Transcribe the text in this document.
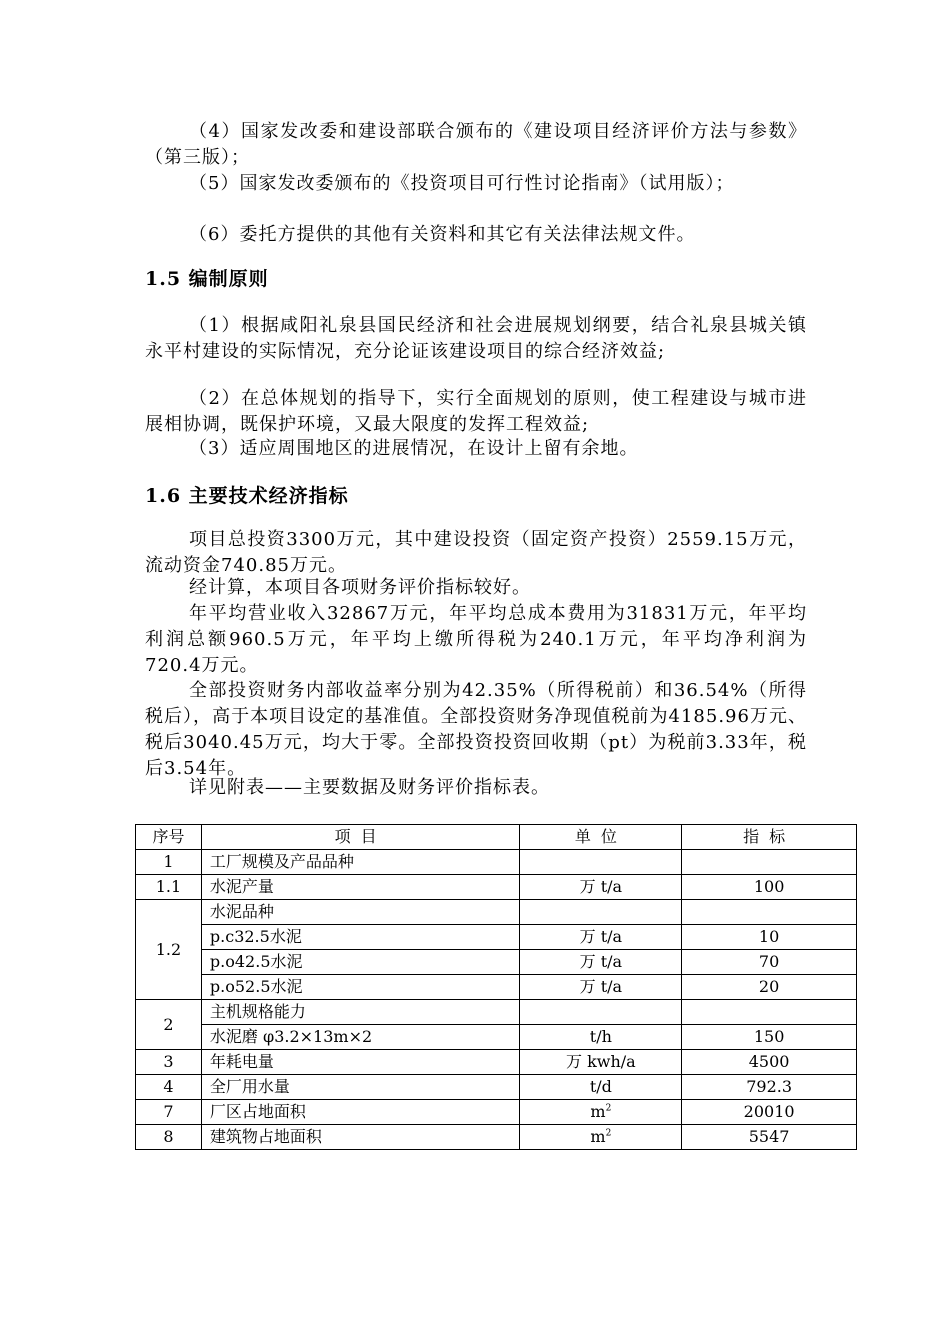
（4）国家发改委和建设部联合颁布的《建设项目经济评价方法与参数》（第三版）；

（5）国家发改委颁布的《投资项目可行性讨论指南》（试用版）；

（6）委托方提供的其他有关资料和其它有关法律法规文件。

1.5 编制原则

（1）根据咸阳礼泉县国民经济和社会进展规划纲要，结合礼泉县城关镇永平村建设的实际情况，充分论证该建设项目的综合经济效益;

（2）在总体规划的指导下，实行全面规划的原则，使工程建设与城市进展相协调，既保护环境，又最大限度的发挥工程效益;

（3）适应周围地区的进展情况，在设计上留有余地。

1.6 主要技术经济指标

项目总投资3300万元，其中建设投资（固定资产投资）2559.15万元，流动资金740.85万元。

经计算，本项目各项财务评价指标较好。

年平均营业收入32867万元，年平均总成本费用为31831万元，年平均利润总额960.5万元，年平均上缴所得税为240.1万元，年平均净利润为720.4万元。

全部投资财务内部收益率分别为42.35%（所得税前）和36.54%（所得税后），高于本项目设定的基准值。全部投资财务净现值税前为4185.96万元、税后3040.45万元，均大于零。全部投资投资回收期（pt）为税前3.33年，税后3.54年。

详见附表——主要数据及财务评价指标表。

序号	项目	单位	指标
1	工厂规模及产品品种		
1.1	水泥产量	万 t/a	100
1.2	水泥品种		
	p.c32.5水泥	万 t/a	10
	p.o42.5水泥	万 t/a	70
	p.o52.5水泥	万 t/a	20
2	主机规格能力		
	水泥磨 φ3.2×13m×2	t/h	150
3	年耗电量	万 kwh/a	4500
4	全厂用水量	t/d	792.3
7	厂区占地面积	$m^2$	20010
8	建筑物占地面积	$m^2$	5547
